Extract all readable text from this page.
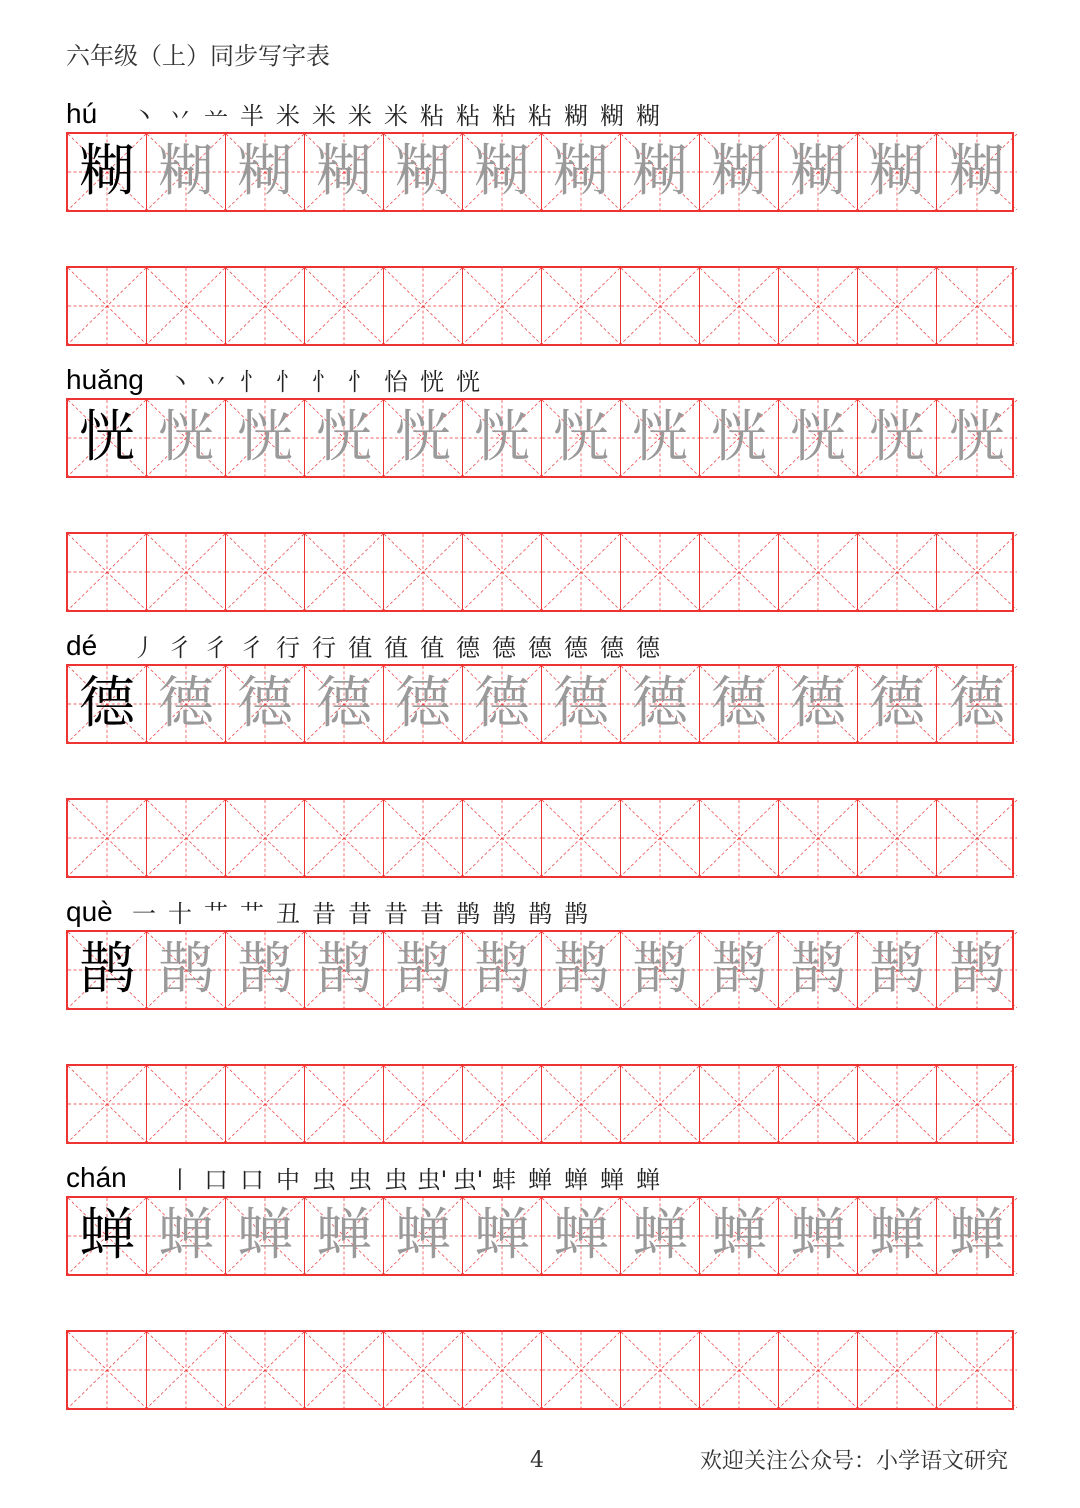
六年级（上）同步写字表
hú	丶 丷 䒑 半 米 米 米 米 粘 粘 粘 粘 糊 糊 糊
糊 糊 糊 糊 糊 糊 糊 糊 糊 糊 糊 糊
huǎng	丶 丷 忄 忄 忄 忄 怡 恍 恍
恍 恍 恍 恍 恍 恍 恍 恍 恍 恍 恍 恍
dé	丿 彳 彳 彳 行 行 徝 徝 徝 德 德 德 德 德 德
德 德 德 德 德 德 德 德 德 德 德 德
què 一 十 艹 艹 丑 昔 昔 昔 昔 鹊 鹊 鹊 鹊
鹊 鹊 鹊 鹊 鹊 鹊 鹊 鹊 鹊 鹊 鹊 鹊
chán	丨 口 口 中 虫 虫 虫 虫' 虫' 蚌 蝉 蝉 蝉 蝉
蝉 蝉 蝉 蝉 蝉 蝉 蝉 蝉 蝉 蝉 蝉 蝉
4	欢迎关注公众号：小学语文研究
